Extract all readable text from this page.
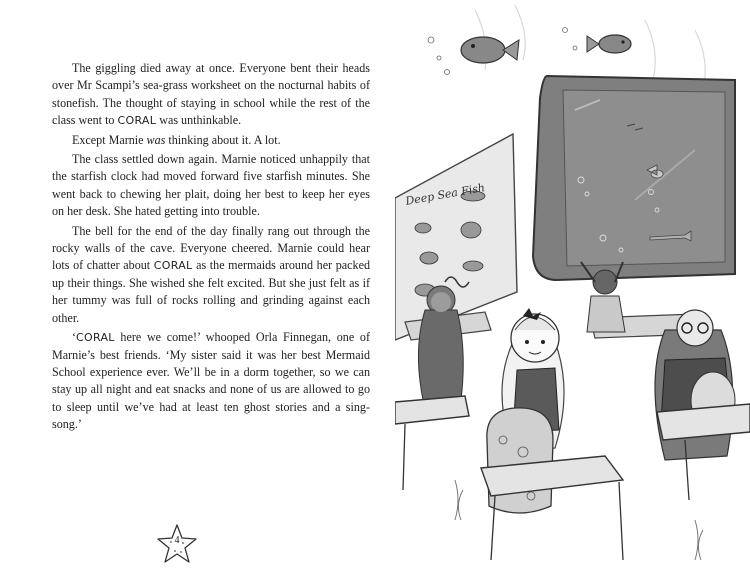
The giggling died away at once. Everyone bent their heads over Mr Scampi’s sea-grass worksheet on the nocturnal habits of stonefish. The thought of staying in school while the rest of the class went to CORAL was unthinkable.

Except Marnie was thinking about it. A lot.

The class settled down again. Marnie noticed unhappily that the starfish clock had moved forward five starfish minutes. She went back to chewing her plait, doing her best to keep her eyes on her desk. She hated getting into trouble.

The bell for the end of the day finally rang out through the rocky walls of the cave. Everyone cheered. Marnie could hear lots of chatter about CORAL as the mermaids around her packed up their things. She wished she felt excited. But she just felt as if her tummy was full of rocks rolling and grinding against each other.

‘CORAL here we come!’ whooped Orla Finnegan, one of Marnie’s best friends. ‘My sister said it was her best Mermaid School experience ever. We’ll be in a dorm together, so we can stay up all night and eat snacks and none of us are allowed to go to sleep until we’ve had at least ten ghost stories and a sing-song.’

4
Deep Sea Fish
